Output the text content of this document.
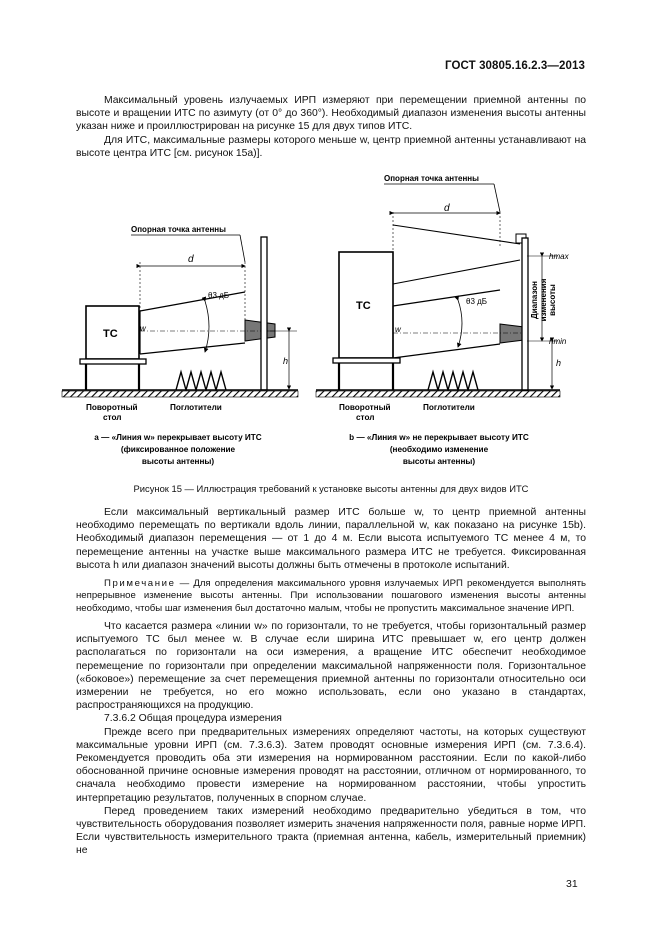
ГОСТ 30805.16.2.3—2013

Максимальный уровень излучаемых ИРП измеряют при перемещении приемной антенны по высоте и вращении ИТС по азимуту (от 0° до 360°). Необходимый диапазон изменения высоты антенны указан ниже и проиллюстрирован на рисунке 15 для двух типов ИТС.

Для ИТС, максимальные размеры которого меньше w, центр приемной антенны устанавливают на высоте центра ИТС [см. рисунок 15а)].

Опорная точка антенны
d
ТС	w
θ3 дБ
h
Поворотный
стол
Поглотители
а — «Линия w» перекрывает высоту ИТС
(фиксированное положение
высоты антенны)
Опорная точка антенны
d
ТС
w
θ3 дБ
hmax
hmin
h
Диапазон изменения высоты
Поворотный
стол
Поглотители
b — «Линия w» не перекрывает высоту ИТС
(необходимо изменение
высоты антенны)
Рисунок 15 — Иллюстрация требований к установке высоты антенны для двух видов ИТС

Если максимальный вертикальный размер ИТС больше w, то центр приемной антенны необходимо перемещать по вертикали вдоль линии, параллельной w, как показано на рисунке 15b). Необходимый диапазон перемещения — от 1 до 4 м. Если высота испытуемого ТС менее 4 м, то перемещение антенны на участке выше максимального размера ИТС не требуется. Фиксированная высота h или диапазон значений высоты должны быть отмечены в протоколе испытаний.

Примечание — Для определения максимального уровня излучаемых ИРП рекомендуется выполнять непрерывное изменение высоты антенны. При использовании пошагового изменения высоты антенны необходимо, чтобы шаг изменения был достаточно малым, чтобы не пропустить максимальное значение ИРП.

Что касается размера «линии w» по горизонтали, то не требуется, чтобы горизонтальный размер испытуемого ТС был менее w. В случае если ширина ИТС превышает w, его центр должен располагаться по горизонтали на оси измерения, а вращение ИТС обеспечит необходимое перемещение по горизонтали при определении максимальной напряженности поля. Горизонтальное («боковое») перемещение за счет перемещения приемной антенны по горизонтали относительно оси измерении не требуется, но его можно использовать, если оно указано в стандартах, распространяющихся на продукцию.

7.3.6.2 Общая процедура измерения

Прежде всего при предварительных измерениях определяют частоты, на которых существуют максимальные уровни ИРП (см. 7.3.6.3). Затем проводят основные измерения ИРП (см. 7.3.6.4). Рекомендуется проводить оба эти измерения на нормированном расстоянии. Если по какой-либо обоснованной причине основные измерения проводят на расстоянии, отличном от нормированного, то сначала необходимо провести измерение на нормированном расстоянии, чтобы упростить интерпретацию результатов, полученных в спорном случае.

Перед проведением таких измерений необходимо предварительно убедиться в том, что чувствительность оборудования позволяет измерить значения напряженности поля, равные норме ИРП. Если чувствительность измерительного тракта (приемная антенна, кабель, измерительный приемник) не

31
